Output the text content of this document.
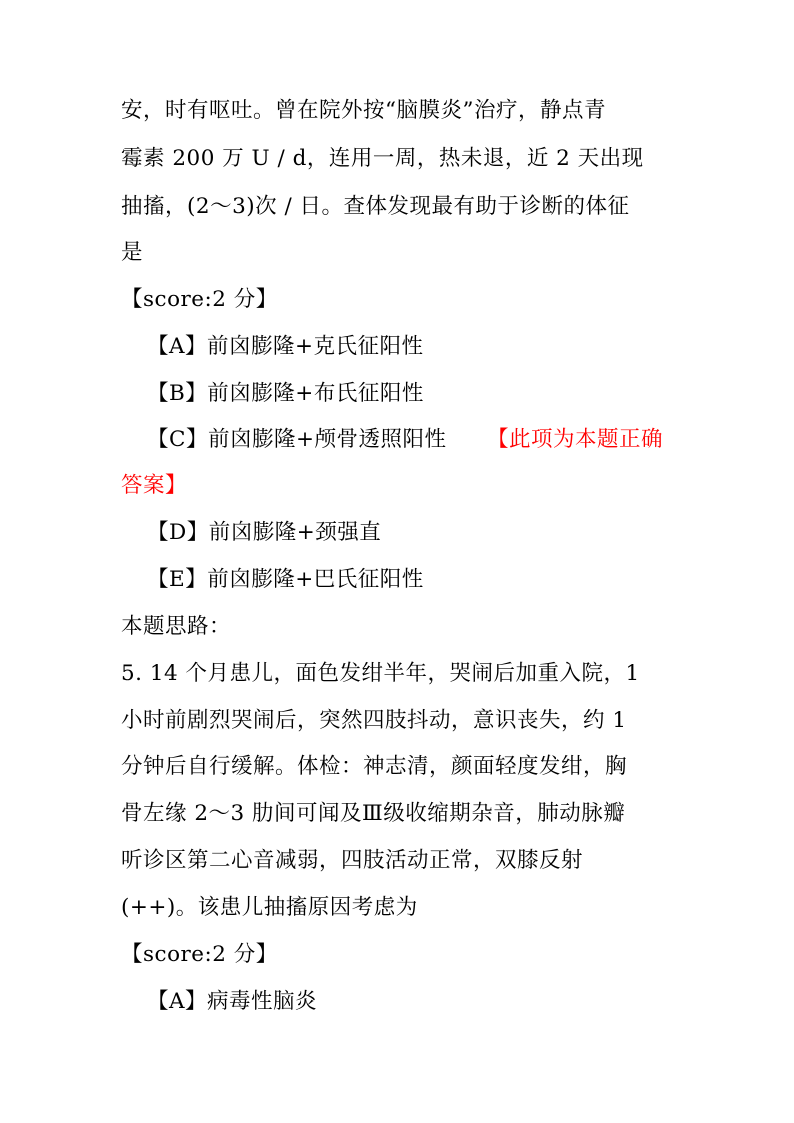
安，时有呕吐。曾在院外按“脑膜炎”治疗，静点青
霉素 200 万 U / d，连用一周，热未退，近 2 天出现
抽搐，(2～3)次 / 日。查体发现最有助于诊断的体征
是
【score:2 分】
【A】前囟膨隆+克氏征阳性
【B】前囟膨隆+布氏征阳性
【C】前囟膨隆+颅骨透照阳性 【此项为本题正确
答案】
【D】前囟膨隆+颈强直
【E】前囟膨隆+巴氏征阳性
本题思路：
5. 14 个月患儿，面色发绀半年，哭闹后加重入院，1
小时前剧烈哭闹后，突然四肢抖动，意识丧失，约 1
分钟后自行缓解。体检：神志清，颜面轻度发绀，胸
骨左缘 2～3 肋间可闻及Ⅲ级收缩期杂音，肺动脉瓣
听诊区第二心音减弱，四肢活动正常，双膝反射
(++)。该患儿抽搐原因考虑为
【score:2 分】
【A】病毒性脑炎
